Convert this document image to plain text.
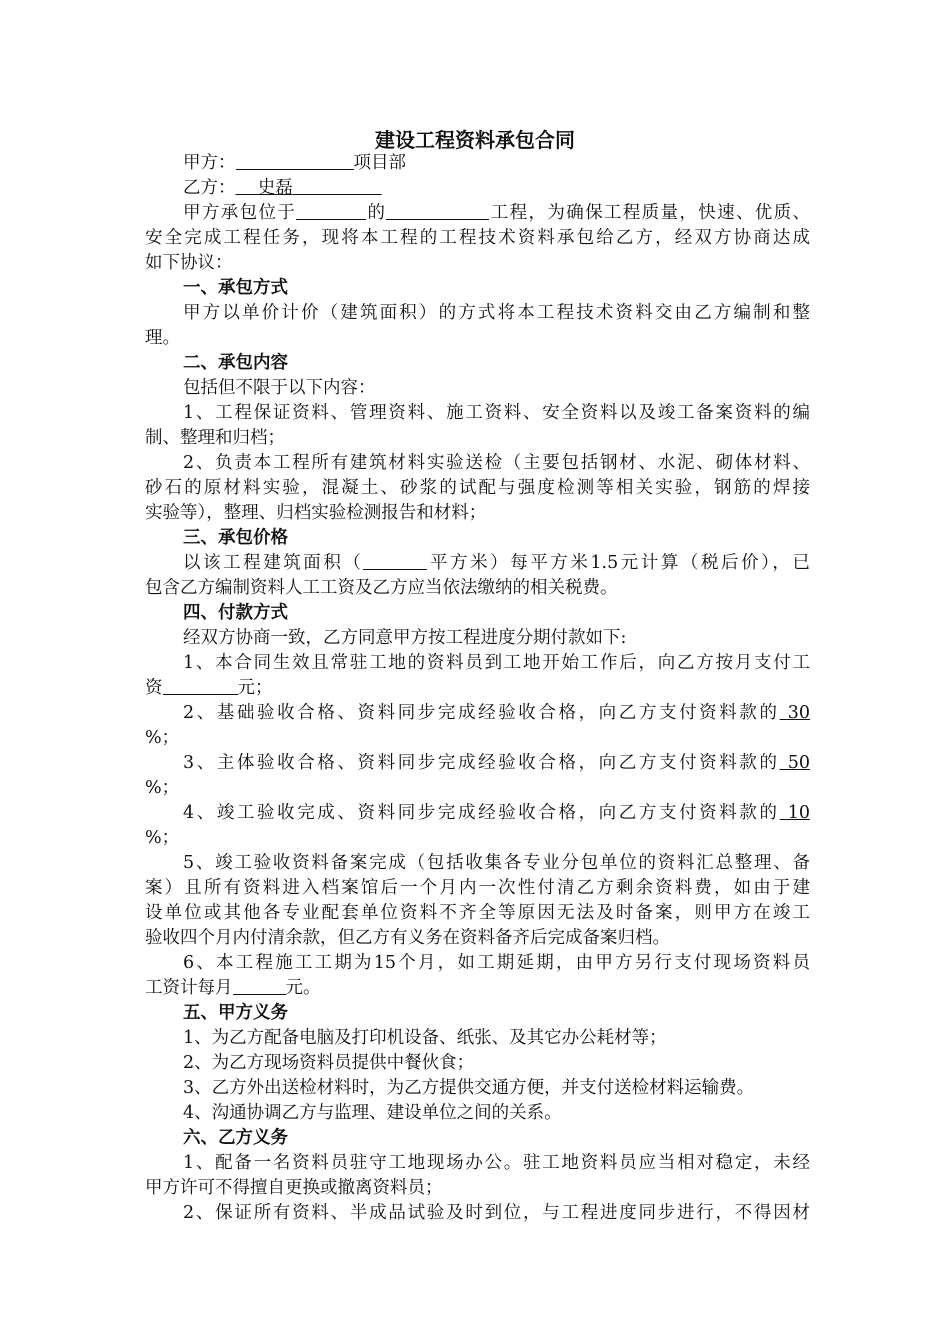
建设工程资料承包合同
甲方：	项目部
乙方： 史磊
甲方承包位于	的	工程，为确保工程质量，快速、优质、
安全完成工程任务，现将本工程的工程技术资料承包给乙方，经双方协商达成
如下协议：
一、承包方式
甲方以单价计价（建筑面积）的方式将本工程技术资料交由乙方编制和整
理。
二、承包内容
包括但不限于以下内容：
1、工程保证资料、管理资料、施工资料、安全资料以及竣工备案资料的编
制、整理和归档；
2、负责本工程所有建筑材料实验送检（主要包括钢材、水泥、砌体材料、
砂石的原材料实验，混凝土、砂浆的试配与强度检测等相关实验，钢筋的焊接
实验等），整理、归档实验检测报告和材料；
三、承包价格
以该工程建筑面积（	平方米）每平方米1.5元计算（税后价），已
包含乙方编制资料人工工资及乙方应当依法缴纳的相关税费。
四、付款方式
经双方协商一致，乙方同意甲方按工程进度分期付款如下:
1、本合同生效且常驻工地的资料员到工地开始工作后，向乙方按月支付工
资	元；
2、基础验收合格、资料同步完成经验收合格，向乙方支付资料款的 30
%；
3、主体验收合格、资料同步完成经验收合格，向乙方支付资料款的 50
%；
4、竣工验收完成、资料同步完成经验收合格，向乙方支付资料款的 10
%；
5、竣工验收资料备案完成（包括收集各专业分包单位的资料汇总整理、备
案）且所有资料进入档案馆后一个月内一次性付清乙方剩余资料费，如由于建
设单位或其他各专业配套单位资料不齐全等原因无法及时备案，则甲方在竣工
验收四个月内付清余款，但乙方有义务在资料备齐后完成备案归档。
6、本工程施工工期为15个月，如工期延期，由甲方另行支付现场资料员
工资计每月	元。
五、甲方义务
1、为乙方配备电脑及打印机设备、纸张、及其它办公耗材等；
2、为乙方现场资料员提供中餐伙食；
3、乙方外出送检材料时，为乙方提供交通方便，并支付送检材料运输费。
4、沟通协调乙方与监理、建设单位之间的关系。
六、乙方义务
1、配备一名资料员驻守工地现场办公。驻工地资料员应当相对稳定，未经
甲方许可不得擅自更换或撤离资料员；
2、保证所有资料、半成品试验及时到位，与工程进度同步进行，不得因材
